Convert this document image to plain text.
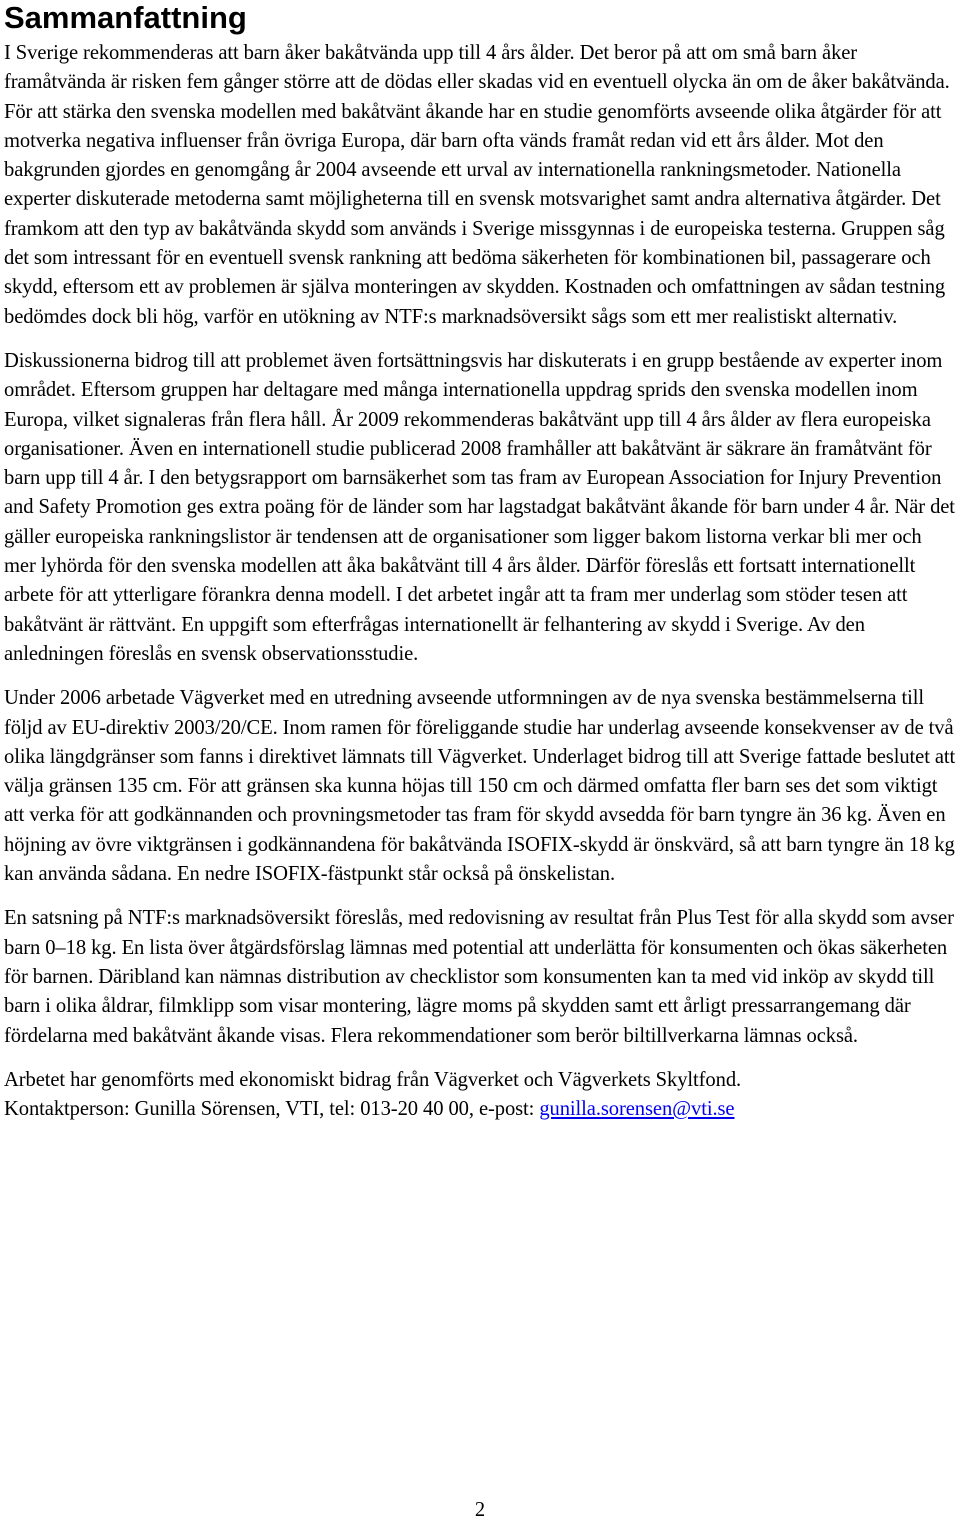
Sammanfattning

I Sverige rekommenderas att barn åker bakåtvända upp till 4 års ålder. Det beror på att om små barn åker framåtvända är risken fem gånger större att de dödas eller skadas vid en eventuell olycka än om de åker bakåtvända. För att stärka den svenska modellen med bakåtvänt åkande har en studie genomförts avseende olika åtgärder för att motverka negativa influenser från övriga Europa, där barn ofta vänds framåt redan vid ett års ålder. Mot den bakgrunden gjordes en genomgång år 2004 avseende ett urval av internationella rankningsmetoder. Nationella experter diskuterade metoderna samt möjligheterna till en svensk motsvarighet samt andra alternativa åtgärder. Det framkom att den typ av bakåtvända skydd som används i Sverige missgynnas i de europeiska testerna. Gruppen såg det som intressant för en eventuell svensk rankning att bedöma säkerheten för kombinationen bil, passagerare och skydd, eftersom ett av problemen är själva monteringen av skydden. Kostnaden och omfattningen av sådan testning bedömdes dock bli hög, varför en utökning av NTF:s marknadsöversikt sågs som ett mer realistiskt alternativ.

Diskussionerna bidrog till att problemet även fortsättningsvis har diskuterats i en grupp bestående av experter inom området. Eftersom gruppen har deltagare med många internationella uppdrag sprids den svenska modellen inom Europa, vilket signaleras från flera håll. År 2009 rekommenderas bakåtvänt upp till 4 års ålder av flera europeiska organisationer. Även en internationell studie publicerad 2008 framhåller att bakåtvänt är säkrare än framåtvänt för barn upp till 4 år. I den betygsrapport om barnsäkerhet som tas fram av European Association for Injury Prevention and Safety Promotion ges extra poäng för de länder som har lagstadgat bakåtvänt åkande för barn under 4 år. När det gäller europeiska rankningslistor är tendensen att de organisationer som ligger bakom listorna verkar bli mer och mer lyhörda för den svenska modellen att åka bakåtvänt till 4 års ålder. Därför föreslås ett fortsatt internationellt arbete för att ytterligare förankra denna modell. I det arbetet ingår att ta fram mer underlag som stöder tesen att bakåtvänt är rättvänt. En uppgift som efterfrågas internationellt är felhantering av skydd i Sverige. Av den anledningen föreslås en svensk observationsstudie.

Under 2006 arbetade Vägverket med en utredning avseende utformningen av de nya svenska bestämmelserna till följd av EU-direktiv 2003/20/CE. Inom ramen för föreliggande studie har underlag avseende konsekvenser av de två olika längdgränser som fanns i direktivet lämnats till Vägverket. Underlaget bidrog till att Sverige fattade beslutet att välja gränsen 135 cm. För att gränsen ska kunna höjas till 150 cm och därmed omfatta fler barn ses det som viktigt att verka för att godkännanden och provningsmetoder tas fram för skydd avsedda för barn tyngre än 36 kg. Även en höjning av övre viktgränsen i godkännandena för bakåtvända ISOFIX-skydd är önskvärd, så att barn tyngre än 18 kg kan använda sådana. En nedre ISOFIX-fästpunkt står också på önskelistan.

En satsning på NTF:s marknadsöversikt föreslås, med redovisning av resultat från Plus Test för alla skydd som avser barn 0–18 kg. En lista över åtgärdsförslag lämnas med potential att underlätta för konsumenten och ökas säkerheten för barnen. Däribland kan nämnas distribution av checklistor som konsumenten kan ta med vid inköp av skydd till barn i olika åldrar, filmklipp som visar montering, lägre moms på skydden samt ett årligt pressarrangemang där fördelarna med bakåtvänt åkande visas. Flera rekommendationer som berör biltillverkarna lämnas också.

Arbetet har genomförts med ekonomiskt bidrag från Vägverket och Vägverkets Skyltfond.
Kontaktperson: Gunilla Sörensen, VTI, tel: 013-20 40 00, e-post: gunilla.sorensen@vti.se

2
